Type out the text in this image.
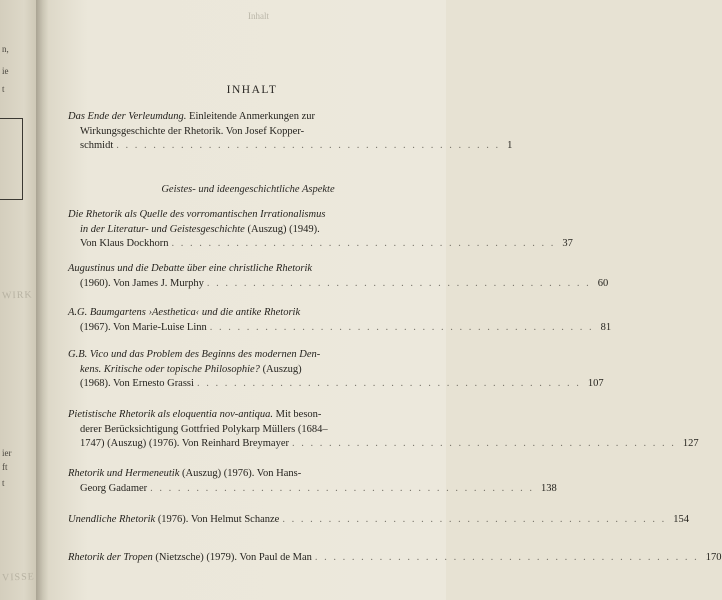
n,
ie
t
ier
ft
t
WIRK
VISSE
Inhalt
INHALT
Geistes- und ideengeschichtliche Aspekte
Das Ende der Verleumdung. Einleitende Anmerkungen zur
Wirkungsgeschichte der Rhetorik. Von Josef Kopper-
schmidt . . . . . . . . . . . . . . . . . . . . . . . . . . . . . . . . . . . . . . . . . . 1
Die Rhetorik als Quelle des vorromantischen Irrationalismus
in der Literatur- und Geistesgeschichte (Auszug) (1949).
Von Klaus Dockhorn . . . . . . . . . . . . . . . . . . . . . . . . . . . . . . . . . . . . . . . . . . 37
Augustinus und die Debatte über eine christliche Rhetorik
(1960). Von James J. Murphy . . . . . . . . . . . . . . . . . . . . . . . . . . . . . . . . . . . . . . . . . . 60
A.G. Baumgartens ›Aesthetica‹ und die antike Rhetorik
(1967). Von Marie-Luise Linn . . . . . . . . . . . . . . . . . . . . . . . . . . . . . . . . . . . . . . . . . . 81
G.B. Vico und das Problem des Beginns des modernen Den-
kens. Kritische oder topische Philosophie? (Auszug)
(1968). Von Ernesto Grassi . . . . . . . . . . . . . . . . . . . . . . . . . . . . . . . . . . . . . . . . . . 107
Pietistische Rhetorik als eloquentia nov-antiqua. Mit beson-
derer Berücksichtigung Gottfried Polykarp Müllers (1684–
1747) (Auszug) (1976). Von Reinhard Breymayer . . . . . . . . . . . . . . . . . . . . . . . . . . . . . . . . . . . . . . . . . . 127
Rhetorik und Hermeneutik (Auszug) (1976). Von Hans-
Georg Gadamer . . . . . . . . . . . . . . . . . . . . . . . . . . . . . . . . . . . . . . . . . . 138
Unendliche Rhetorik (1976). Von Helmut Schanze . . . . . . . . . . . . . . . . . . . . . . . . . . . . . . . . . . . . . . . . . . 154
Rhetorik der Tropen (Nietzsche) (1979). Von Paul de Man . . . . . . . . . . . . . . . . . . . . . . . . . . . . . . . . . . . . . . . . . . 170
